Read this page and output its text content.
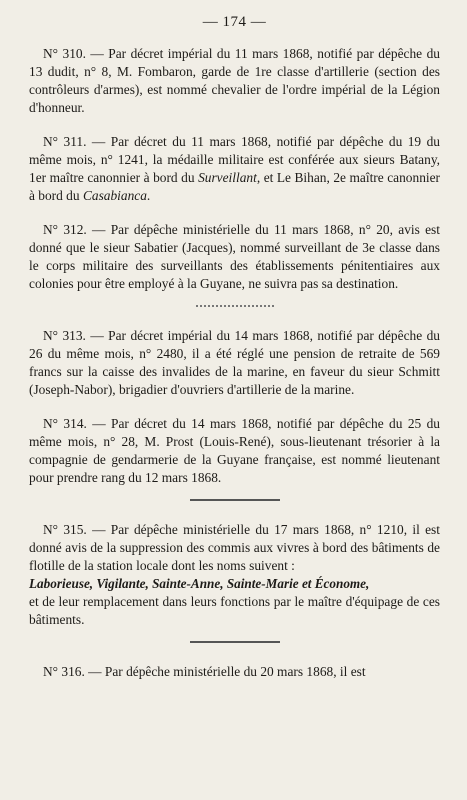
— 174 —

N° 310. — Par décret impérial du 11 mars 1868, notifié par dépêche du 13 dudit, n° 8, M. Fombaron, garde de 1re classe d'artillerie (section des contrôleurs d'armes), est nommé chevalier de l'ordre impérial de la Légion d'honneur.

N° 311. — Par décret du 11 mars 1868, notifié par dépêche du 19 du même mois, n° 1241, la médaille militaire est conférée aux sieurs Batany, 1er maître canonnier à bord du Surveillant, et Le Bihan, 2e maître canonnier à bord du Casabianca.

N° 312. — Par dépêche ministérielle du 11 mars 1868, n° 20, avis est donné que le sieur Sabatier (Jacques), nommé surveillant de 3e classe dans le corps militaire des surveillants des établissements pénitentiaires aux colonies pour être employé à la Guyane, ne suivra pas sa destination.

N° 313. — Par décret impérial du 14 mars 1868, notifié par dépêche du 26 du même mois, n° 2480, il a été réglé une pension de retraite de 569 francs sur la caisse des invalides de la marine, en faveur du sieur Schmitt (Joseph-Nabor), brigadier d'ouvriers d'artillerie de la marine.

N° 314. — Par décret du 14 mars 1868, notifié par dépêche du 25 du même mois, n° 28, M. Prost (Louis-René), sous-lieutenant trésorier à la compagnie de gendarmerie de la Guyane française, est nommé lieutenant pour prendre rang du 12 mars 1868.

N° 315. — Par dépêche ministérielle du 17 mars 1868, n° 1210, il est donné avis de la suppression des commis aux vivres à bord des bâtiments de flotille de la station locale dont les noms suivent :
Laborieuse, Vigilante, Sainte-Anne, Sainte-Marie et Économe,
et de leur remplacement dans leurs fonctions par le maître d'équipage de ces bâtiments.

N° 316. — Par dépêche ministérielle du 20 mars 1868, il est
